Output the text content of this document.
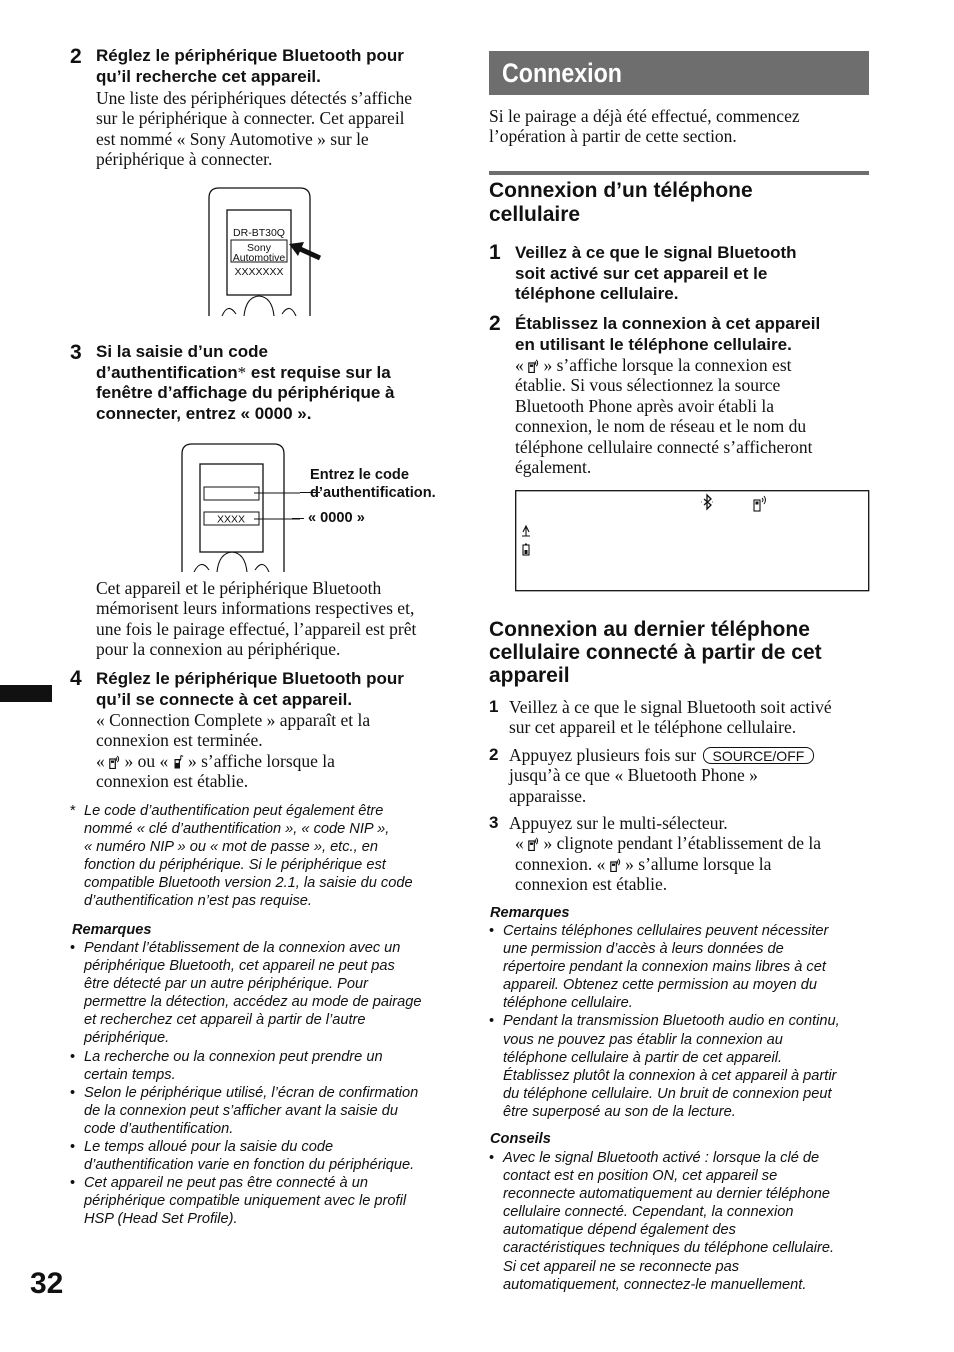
2 Réglez le périphérique Bluetooth pour
qu’il recherche cet appareil.
Une liste des périphériques détectés s’affiche
sur le périphérique à connecter. Cet appareil
est nommé « Sony Automotive » sur le
périphérique à connecter.
DR-BT30Q
Sony
Automotive
XXXXXXX
3 Si la saisie d’un code
d’authentification* est requise sur la
fenêtre d’affichage du périphérique à
connecter, entrez « 0000 ».
XXXX
Entrez le code
d’authentification.
« 0000 »
Cet appareil et le périphérique Bluetooth
mémorisent leurs informations respectives et,
une fois le pairage effectué, l’appareil est prêt
pour la connexion au périphérique.
4 Réglez le périphérique Bluetooth pour
qu’il se connecte à cet appareil.
« Connection Complete » apparaît et la
connexion est terminée.
«  » ou «  » s’affiche lorsque la
connexion est établie.
* Le code d’authentification peut également être
nommé « clé d’authentification », « code NIP »,
« numéro NIP » ou « mot de passe », etc., en
fonction du périphérique. Si le périphérique est
compatible Bluetooth version 2.1, la saisie du code
d’authentification n’est pas requise.
Remarques
• Pendant l’établissement de la connexion avec un
périphérique Bluetooth, cet appareil ne peut pas
être détecté par un autre périphérique. Pour
permettre la détection, accédez au mode de pairage
et recherchez cet appareil à partir de l’autre
périphérique.
• La recherche ou la connexion peut prendre un
certain temps.
• Selon le périphérique utilisé, l’écran de confirmation
de la connexion peut s’afficher avant la saisie du
code d’authentification.
• Le temps alloué pour la saisie du code
d’authentification varie en fonction du périphérique.
• Cet appareil ne peut pas être connecté à un
périphérique compatible uniquement avec le profil
HSP (Head Set Profile).
32
Connexion
Si le pairage a déjà été effectué, commencez
l’opération à partir de cette section.
Connexion d’un téléphone
cellulaire
1 Veillez à ce que le signal Bluetooth
soit activé sur cet appareil et le
téléphone cellulaire.
2 Établissez la connexion à cet appareil
en utilisant le téléphone cellulaire.
«  » s’affiche lorsque la connexion est
établie. Si vous sélectionnez la source
Bluetooth Phone après avoir établi la
connexion, le nom de réseau et le nom du
téléphone cellulaire connecté s’afficheront
également.
Connexion au dernier téléphone
cellulaire connecté à partir de cet
appareil
1 Veillez à ce que le signal Bluetooth soit activé
sur cet appareil et le téléphone cellulaire.
2 Appuyez plusieurs fois sur SOURCE/OFF
jusqu’à ce que « Bluetooth Phone »
apparaisse.
3 Appuyez sur le multi-sélecteur.
«  » clignote pendant l’établissement de la
connexion. «  » s’allume lorsque la
connexion est établie.
Remarques
• Certains téléphones cellulaires peuvent nécessiter
une permission d’accès à leurs données de
répertoire pendant la connexion mains libres à cet
appareil. Obtenez cette permission au moyen du
téléphone cellulaire.
• Pendant la transmission Bluetooth audio en continu,
vous ne pouvez pas établir la connexion au
téléphone cellulaire à partir de cet appareil.
Établissez plutôt la connexion à cet appareil à partir
du téléphone cellulaire. Un bruit de connexion peut
être superposé au son de la lecture.
Conseils
• Avec le signal Bluetooth activé : lorsque la clé de
contact est en position ON, cet appareil se
reconnecte automatiquement au dernier téléphone
cellulaire connecté. Cependant, la connexion
automatique dépend également des
caractéristiques techniques du téléphone cellulaire.
Si cet appareil ne se reconnecte pas
automatiquement, connectez-le manuellement.
